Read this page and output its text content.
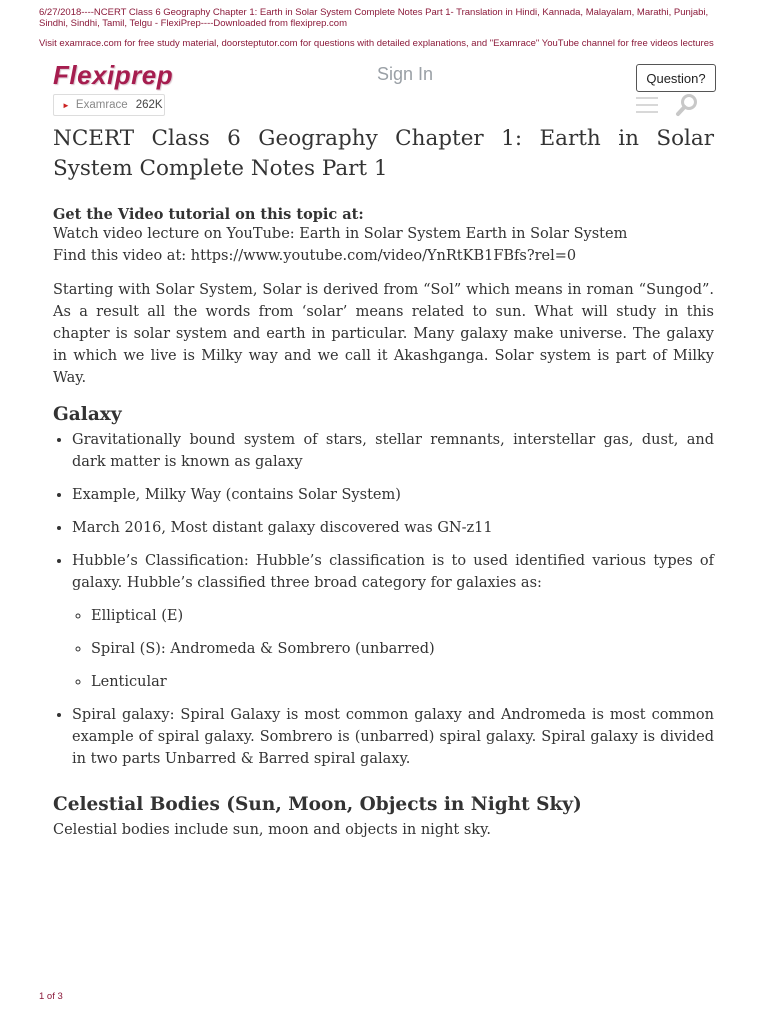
6/27/2018----NCERT Class 6 Geography Chapter 1: Earth in Solar System Complete Notes Part 1- Translation in Hindi, Kannada, Malayalam, Marathi, Punjabi, Sindhi, Sindhi, Tamil, Telgu - FlexiPrep----Downloaded from flexiprep.com
Visit examrace.com for free study material, doorsteptutor.com for questions with detailed explanations, and "Examrace" YouTube channel for free videos lectures
Flexiprep	Sign In	Question?
► Examrace 262K
NCERT Class 6 Geography Chapter 1: Earth in Solar System Complete Notes Part 1
Get the Video tutorial on this topic at:

Watch video lecture on YouTube: Earth in Solar System Earth in Solar System

Find this video at: https://www.youtube.com/video/YnRtKB1FBfs?rel=0

Starting with Solar System, Solar is derived from “Sol” which means in roman “Sungod”. As a result all the words from ‘solar’ means related to sun. What will study in this chapter is solar system and earth in particular. Many galaxy make universe. The galaxy in which we live is Milky way and we call it Akashganga. Solar system is part of Milky Way.

Galaxy
• Gravitationally bound system of stars, stellar remnants, interstellar gas, dust, and dark matter is known as galaxy
• Example, Milky Way (contains Solar System)
• March 2016, Most distant galaxy discovered was GN-z11
• Hubble’s Classification: Hubble’s classification is to used identified various types of galaxy. Hubble’s classified three broad category for galaxies as:
◦ Elliptical (E)
◦ Spiral (S): Andromeda & Sombrero (unbarred)
◦ Lenticular
• Spiral galaxy: Spiral Galaxy is most common galaxy and Andromeda is most common example of spiral galaxy. Sombrero is (unbarred) spiral galaxy. Spiral galaxy is divided in two parts Unbarred & Barred spiral galaxy.
Celestial Bodies (Sun, Moon, Objects in Night Sky)

Celestial bodies include sun, moon and objects in night sky.

1 of 3
